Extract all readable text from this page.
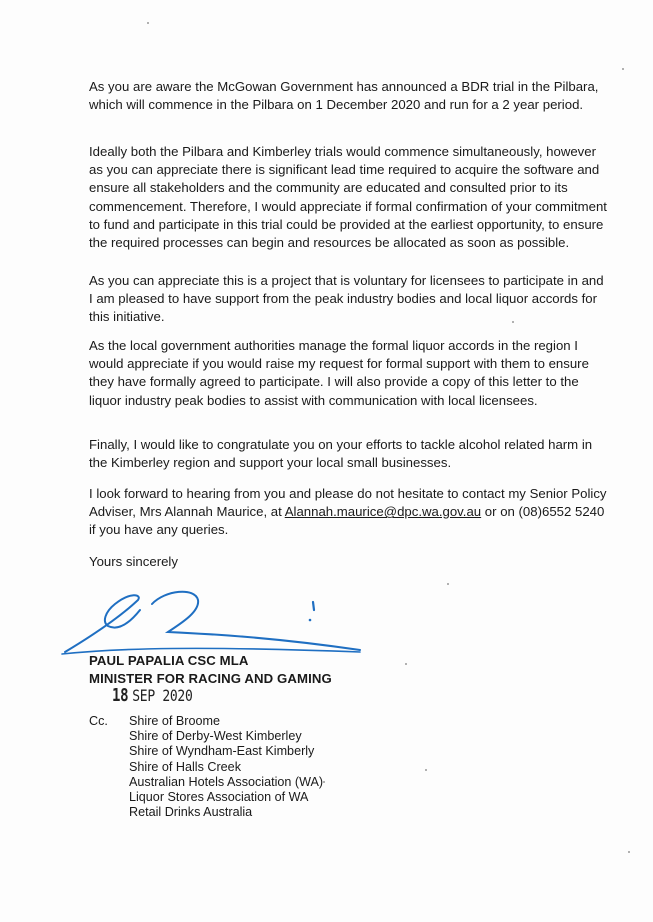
As you are aware the McGowan Government has announced a BDR trial in the Pilbara, which will commence in the Pilbara on 1 December 2020 and run for a 2 year period.

Ideally both the Pilbara and Kimberley trials would commence simultaneously, however as you can appreciate there is significant lead time required to acquire the software and ensure all stakeholders and the community are educated and consulted prior to its commencement. Therefore, I would appreciate if formal confirmation of your commitment to fund and participate in this trial could be provided at the earliest opportunity, to ensure the required processes can begin and resources be allocated as soon as possible.

As you can appreciate this is a project that is voluntary for licensees to participate in and I am pleased to have support from the peak industry bodies and local liquor accords for this initiative.

As the local government authorities manage the formal liquor accords in the region I would appreciate if you would raise my request for formal support with them to ensure they have formally agreed to participate. I will also provide a copy of this letter to the liquor industry peak bodies to assist with communication with local licensees.

Finally, I would like to congratulate you on your efforts to tackle alcohol related harm in the Kimberley region and support your local small businesses.

I look forward to hearing from you and please do not hesitate to contact my Senior Policy Adviser, Mrs Alannah Maurice, at Alannah.maurice@dpc.wa.gov.au or on (08)6552 5240 if you have any queries.

Yours sincerely

PAUL PAPALIA CSC MLA
MINISTER FOR RACING AND GAMING
18 SEP 2020
Cc. Shire of Broome
Shire of Derby-West Kimberley
Shire of Wyndham-East Kimberly
Shire of Halls Creek
Australian Hotels Association (WA)
Liquor Stores Association of WA
Retail Drinks Australia
